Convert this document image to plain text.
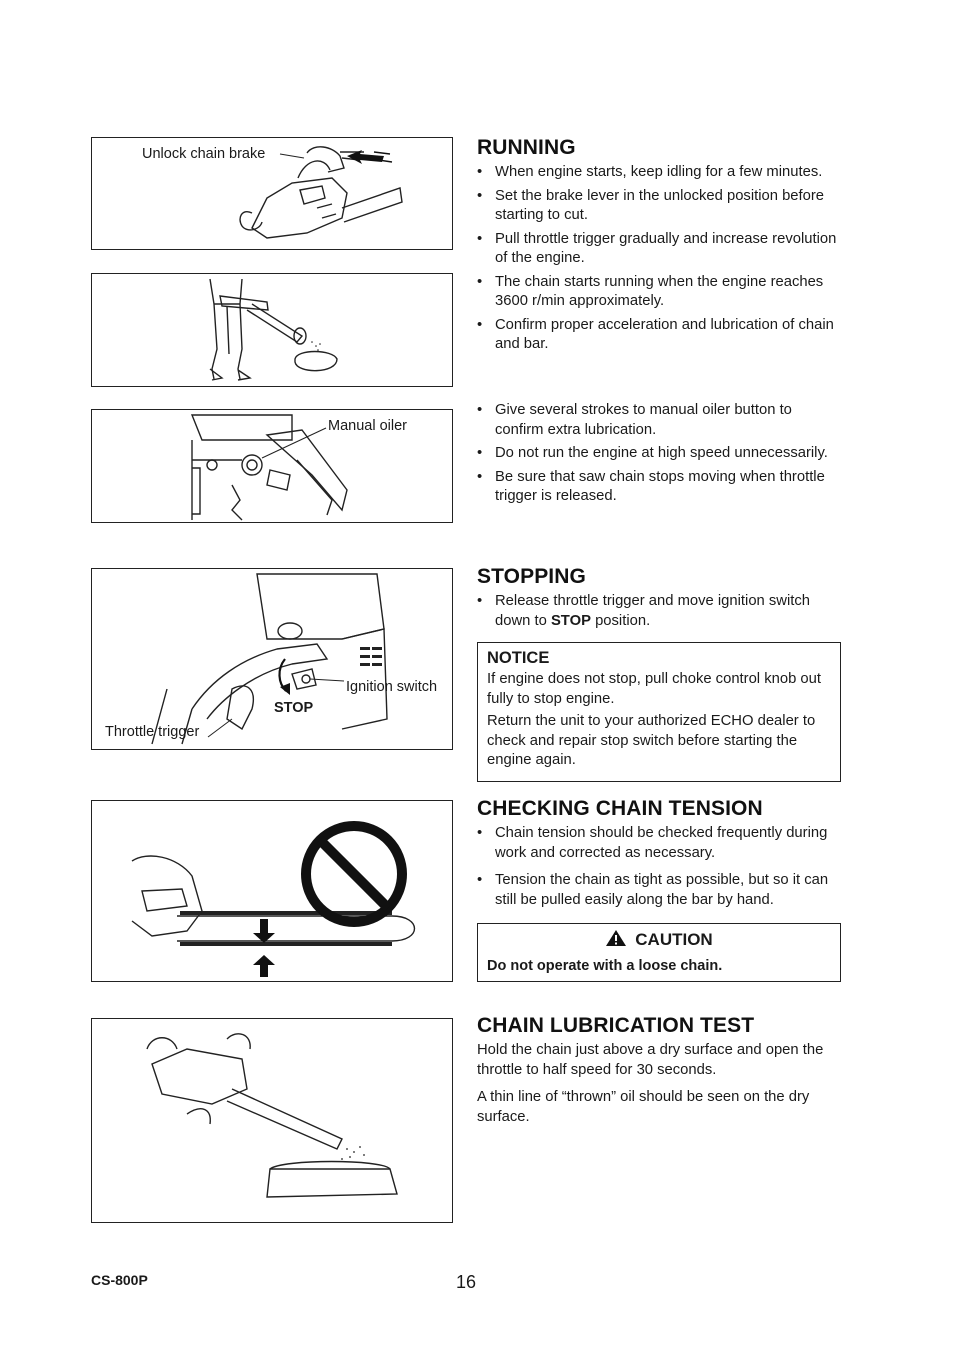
Unlock chain brake
Manual oiler
Ignition switch
STOP
Throttle trigger
RUNNING
• When engine starts, keep idling for a few minutes.
• Set the brake lever in the unlocked position before starting to cut.
• Pull throttle trigger gradually and increase revolution of the engine.
• The chain starts running when the engine reaches 3600 r/min approximately.
• Confirm proper acceleration and lubrication of chain and bar.
• Give several strokes to manual oiler button to confirm extra lubrication.
• Do not run the engine at high speed unnecessarily.
• Be sure that saw chain stops moving when throttle trigger is released.
STOPPING
• Release throttle trigger and move ignition switch down to STOP position.
NOTICE

If engine does not stop, pull choke control knob out fully to stop engine.

Return the unit to your authorized ECHO dealer to check and repair stop switch before starting the engine again.

CHECKING CHAIN TENSION
• Chain tension should be checked frequently during work and corrected as necessary.
• Tension the chain as tight as possible, but so it can still be pulled easily along the bar by hand.
CAUTION
Do not operate with a loose chain.
CHAIN LUBRICATION TEST

Hold the chain just above a dry surface and open the throttle to half speed for 30 seconds.

A thin line of “thrown” oil should be seen on the dry surface.

CS-800P	16
